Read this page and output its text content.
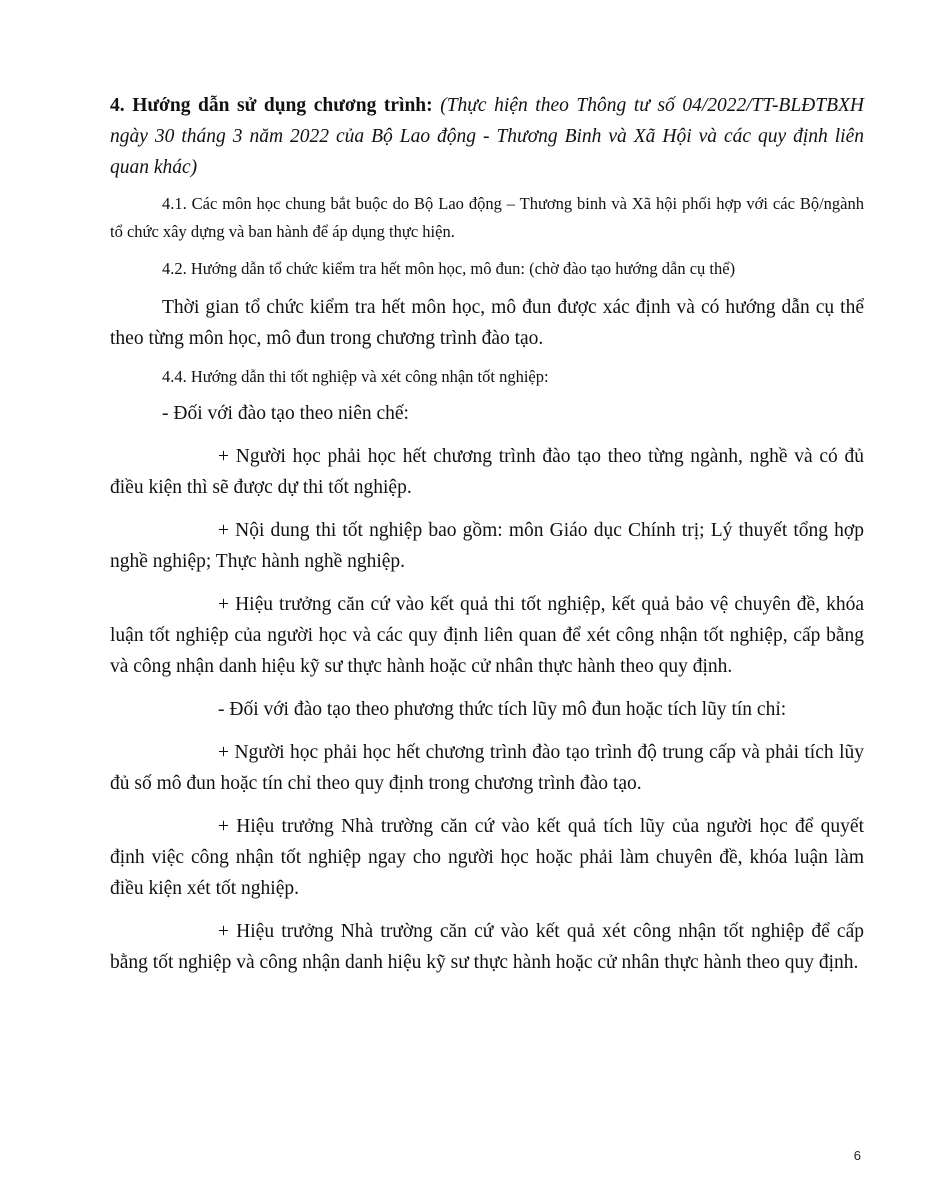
4. Hướng dẫn sử dụng chương trình: (Thực hiện theo Thông tư số 04/2022/TT-BLĐTBXH ngày 30 tháng 3 năm 2022 của Bộ Lao động - Thương Binh và Xã Hội và các quy định liên quan khác)

4.1. Các môn học chung bắt buộc do Bộ Lao động – Thương binh và Xã hội phối hợp với các Bộ/ngành tổ chức xây dựng và ban hành để áp dụng thực hiện.

4.2. Hướng dẫn tổ chức kiểm tra hết môn học, mô đun: (chờ đào tạo hướng dẫn cụ thể)

Thời gian tổ chức kiểm tra hết môn học, mô đun được xác định và có hướng dẫn cụ thể theo từng môn học, mô đun trong chương trình đào tạo.

4.4. Hướng dẫn thi tốt nghiệp và xét công nhận tốt nghiệp:

- Đối với đào tạo theo niên chế:

+ Người học phải học hết chương trình đào tạo theo từng ngành, nghề và có đủ điều kiện thì sẽ được dự thi tốt nghiệp.

+ Nội dung thi tốt nghiệp bao gồm: môn Giáo dục Chính trị; Lý thuyết tổng hợp nghề nghiệp; Thực hành nghề nghiệp.

+ Hiệu trưởng căn cứ vào kết quả thi tốt nghiệp, kết quả bảo vệ chuyên đề, khóa luận tốt nghiệp của người học và các quy định liên quan để xét công nhận tốt nghiệp, cấp bằng và công nhận danh hiệu kỹ sư thực hành hoặc cử nhân thực hành theo quy định.

- Đối với đào tạo theo phương thức tích lũy mô đun hoặc tích lũy tín chỉ:

+ Người học phải học hết chương trình đào tạo trình độ trung cấp và phải tích lũy đủ số mô đun hoặc tín chỉ theo quy định trong chương trình đào tạo.

+ Hiệu trưởng Nhà trường căn cứ vào kết quả tích lũy của người học để quyết định việc công nhận tốt nghiệp ngay cho người học hoặc phải làm chuyên đề, khóa luận làm điều kiện xét tốt nghiệp.

+ Hiệu trưởng Nhà trường căn cứ vào kết quả xét công nhận tốt nghiệp để cấp bằng tốt nghiệp và công nhận danh hiệu kỹ sư thực hành hoặc cử nhân thực hành theo quy định.

6
